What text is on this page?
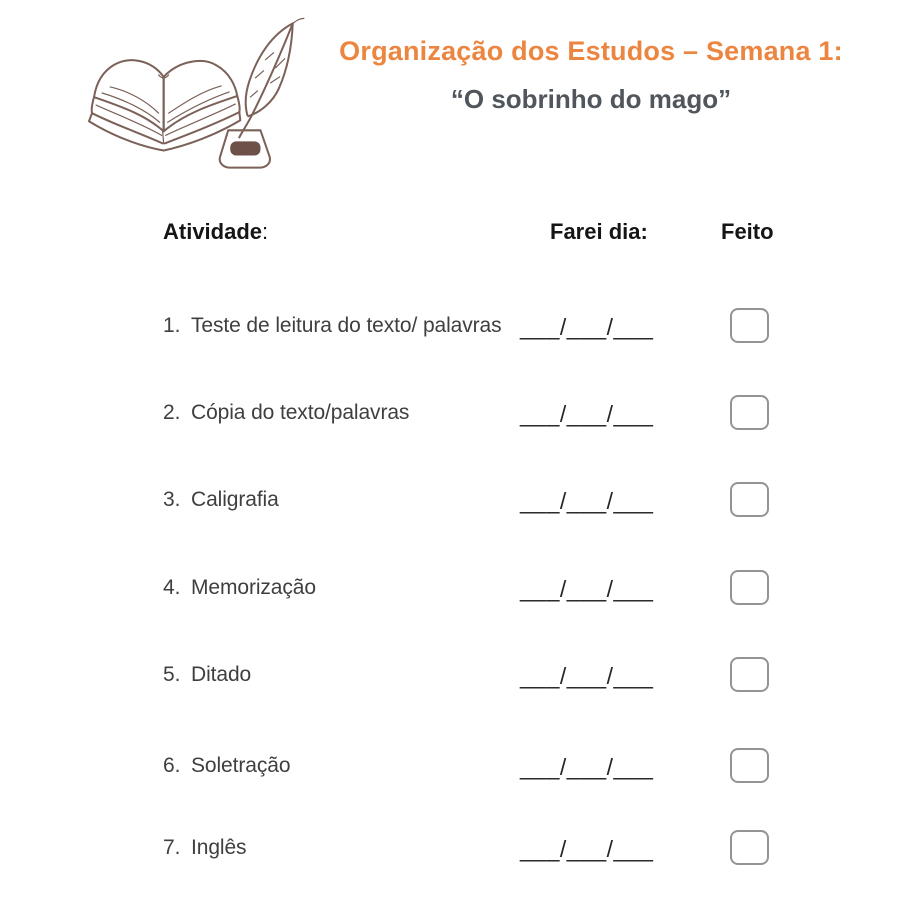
Organização dos Estudos – Semana 1:
“O sobrinho do mago”
Atividade:	Farei dia:	Feito
1. Teste de leitura do texto/ palavras ___/___/___
2. Cópia do texto/palavras	___/___/___
3. Caligrafia	___/___/___
4. Memorização	___/___/___
5. Ditado	___/___/___
6. Soletração	___/___/___
7. Inglês	___/___/___
